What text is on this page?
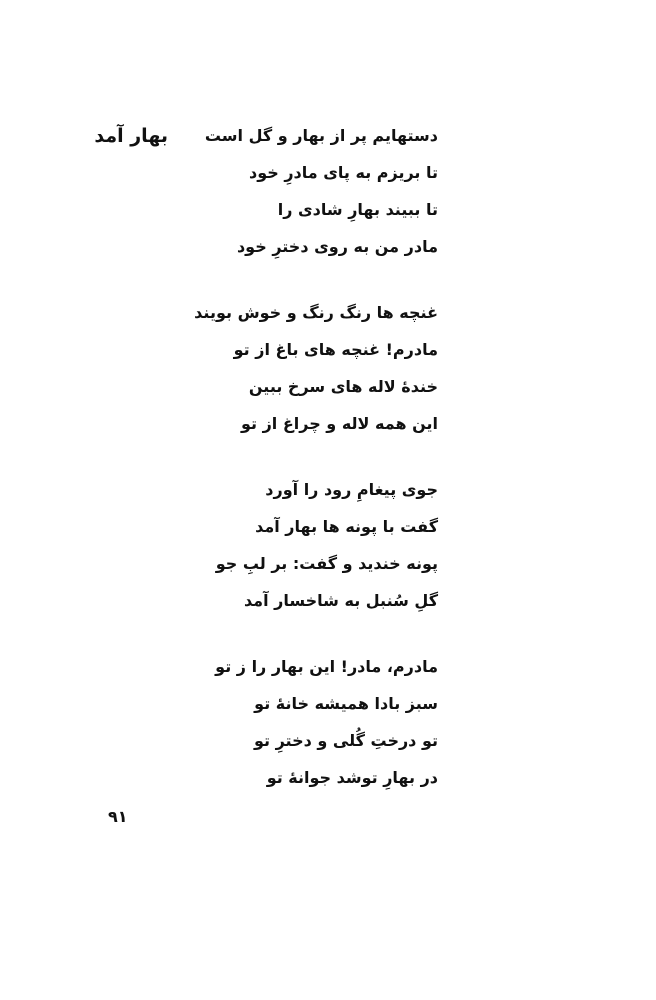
بهار آمد	دستهایم پر از بهار و گل است
تا بریزم به پای مادرِ خود
تا ببیند بهارِ شادی را
مادر من به روی دخترِ خود
غنچه ها رنگ رنگ و خوش بویند
مادرم! غنچه های باغ از تو
خندهٔ لاله های سرخ ببین
این همه لاله و چراغ از تو
جوی پیغامِ رود را آورد
گفت با پونه ها بهار آمد
پونه خندید و گفت: بر لبِ جو
گلِ سُنبل به شاخسار آمد
مادرم، مادر! این بهار را ز تو
سبز بادا همیشه خانهٔ تو
تو درختِ گُلی و دخترِ تو
در بهارِ توشد جوانهٔ تو
۹۱
